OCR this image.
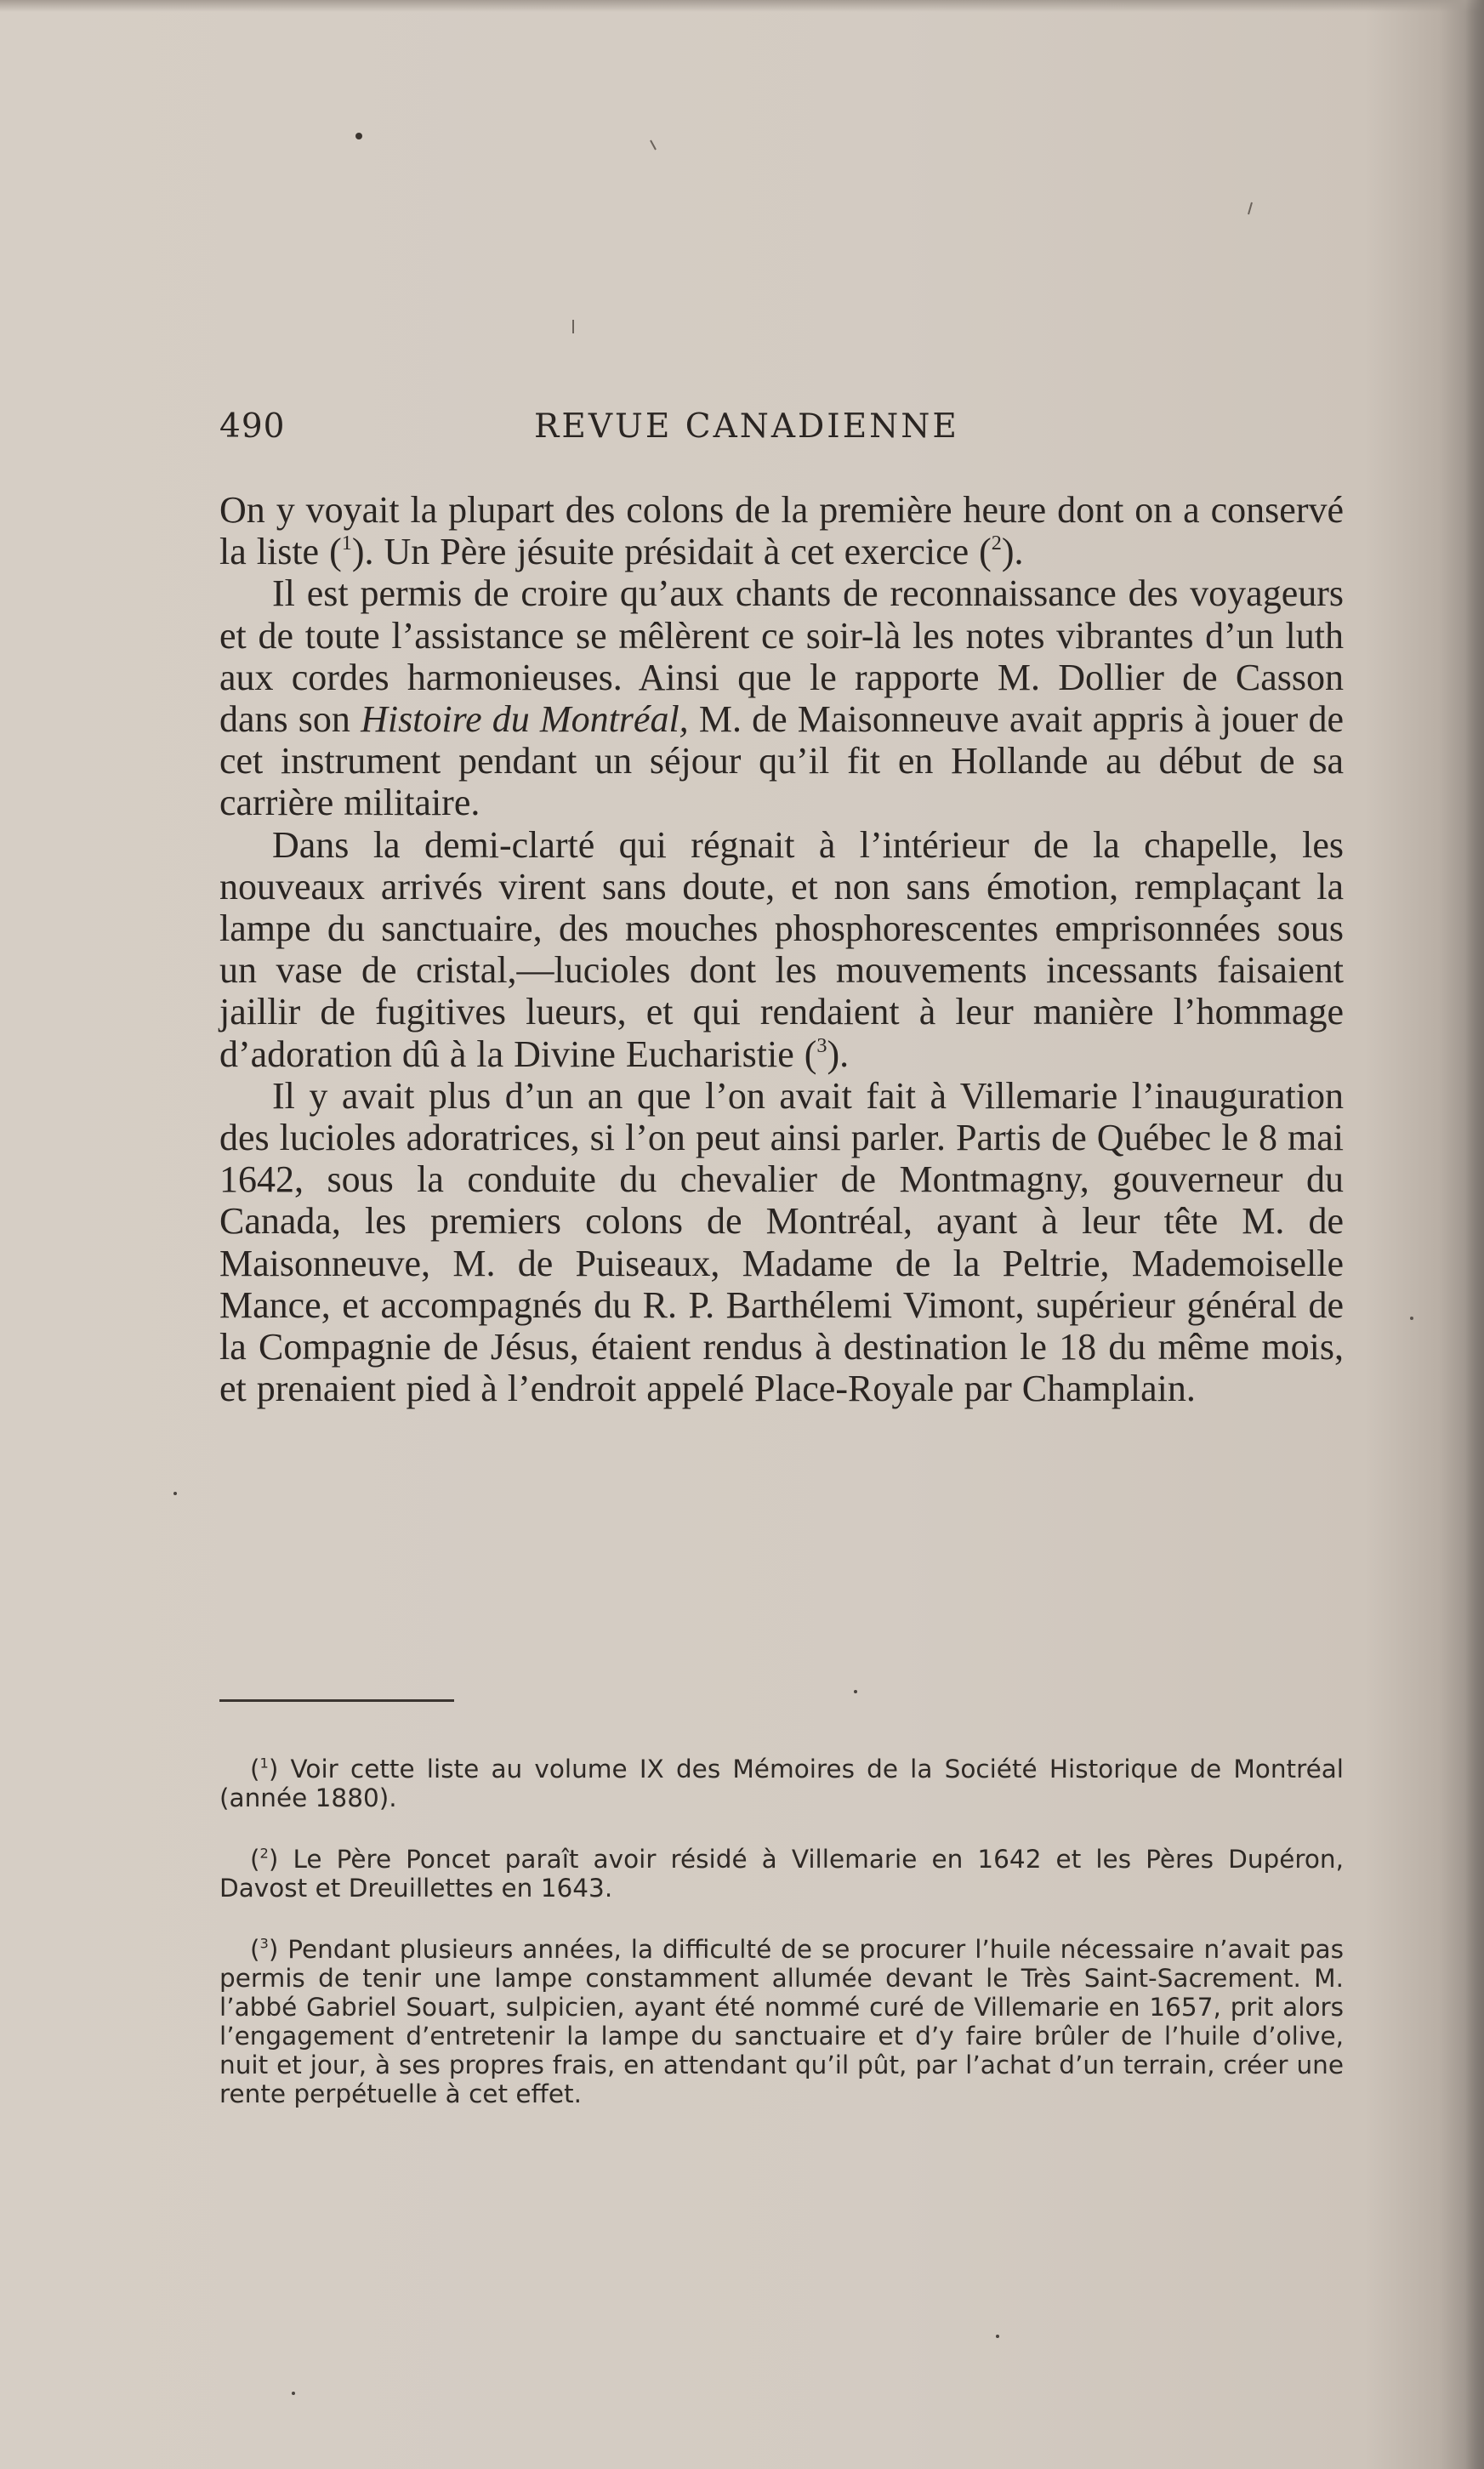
490	REVUE CANADIENNE

On y voyait la plupart des colons de la première heure dont on a conservé la liste ($^1$). Un Père jésuite présidait à cet exercice ($^2$).

Il est permis de croire qu’aux chants de reconnaissance des voyageurs et de toute l’assistance se mêlèrent ce soir-là les notes vibrantes d’un luth aux cordes harmonieuses. Ainsi que le rapporte M. Dollier de Casson dans son Histoire du Montréal, M. de Maisonneuve avait appris à jouer de cet instrument pendant un séjour qu’il fit en Hollande au début de sa carrière militaire.

Dans la demi-clarté qui régnait à l’intérieur de la chapelle, les nouveaux arrivés virent sans doute, et non sans émotion, remplaçant la lampe du sanctuaire, des mouches phosphorescentes emprisonnées sous un vase de cristal,—lucioles dont les mouvements incessants faisaient jaillir de fugitives lueurs, et qui rendaient à leur manière l’hommage d’adoration dû à la Divine Eucharistie ($^3$).

Il y avait plus d’un an que l’on avait fait à Villemarie l’inauguration des lucioles adoratrices, si l’on peut ainsi parler. Partis de Québec le 8 mai 1642, sous la conduite du chevalier de Montmagny, gouverneur du Canada, les premiers colons de Montréal, ayant à leur tête M. de Maisonneuve, M. de Puiseaux, Madame de la Peltrie, Mademoiselle Mance, et accompagnés du R. P. Barthélemi Vimont, supérieur général de la Compagnie de Jésus, étaient rendus à destination le 18 du même mois, et prenaient pied à l’endroit appelé Place-Royale par Champlain.

($^1$) Voir cette liste au volume IX des Mémoires de la Société Historique de Montréal (année 1880).

($^2$) Le Père Poncet paraît avoir résidé à Villemarie en 1642 et les Pères Dupéron, Davost et Dreuillettes en 1643.

($^3$) Pendant plusieurs années, la difficulté de se procurer l’huile nécessaire n’avait pas permis de tenir une lampe constamment allumée devant le Très Saint-Sacrement. M. l’abbé Gabriel Souart, sulpicien, ayant été nommé curé de Villemarie en 1657, prit alors l’engagement d’entretenir la lampe du sanctuaire et d’y faire brûler de l’huile d’olive, nuit et jour, à ses propres frais, en attendant qu’il pût, par l’achat d’un terrain, créer une rente perpétuelle à cet effet.
